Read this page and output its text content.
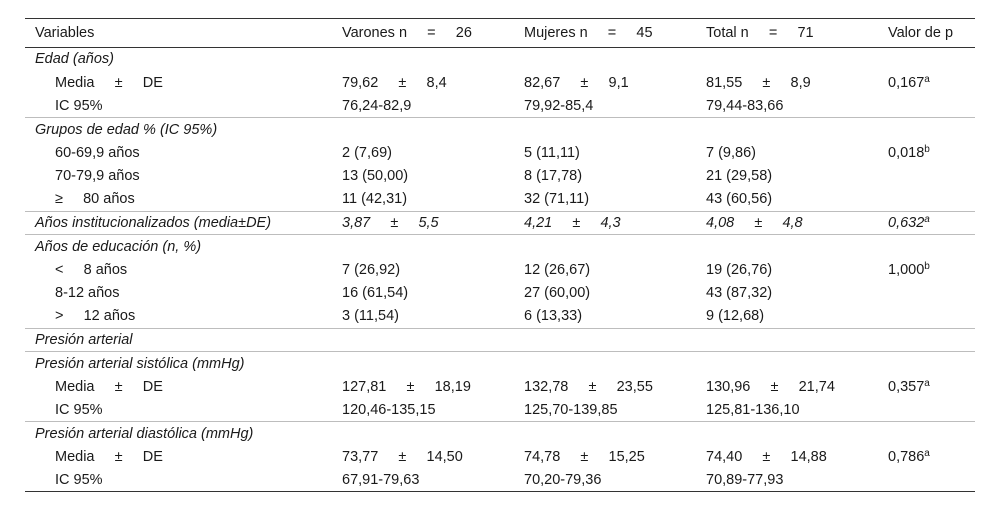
Variables	Varones n     =     26	Mujeres n     =     45	Total n     =     71	Valor de p
Edad (años)				
Media     ±     DE	79,62     ±     8,4	82,67     ±     9,1	81,55     ±     8,9	0,167$^a$
IC 95%	76,24-82,9	79,92-85,4	79,44-83,66	
Grupos de edad % (IC 95%)				
60-69,9 años	2 (7,69)	5 (11,11)	7 (9,86)	0,018$^b$
70-79,9 años	13 (50,00)	8 (17,78)	21 (29,58)	
≥     80 años	11 (42,31)	32 (71,11)	43 (60,56)	
Años institucionalizados (media±DE)	3,87     ±     5,5	4,21     ±     4,3	4,08     ±     4,8	0,632$^a$
Años de educación (n, %)				
<     8 años	7 (26,92)	12 (26,67)	19 (26,76)	1,000$^b$
8-12 años	16 (61,54)	27 (60,00)	43 (87,32)	
>     12 años	3 (11,54)	6 (13,33)	9 (12,68)	
Presión arterial				
Presión arterial sistólica (mmHg)				
Media     ±     DE	127,81     ±     18,19	132,78     ±     23,55	130,96     ±     21,74	0,357$^a$
IC 95%	120,46-135,15	125,70-139,85	125,81-136,10	
Presión arterial diastólica (mmHg)				
Media     ±     DE	73,77     ±     14,50	74,78     ±     15,25	74,40     ±     14,88	0,786$^a$
IC 95%	67,91-79,63	70,20-79,36	70,89-77,93	
